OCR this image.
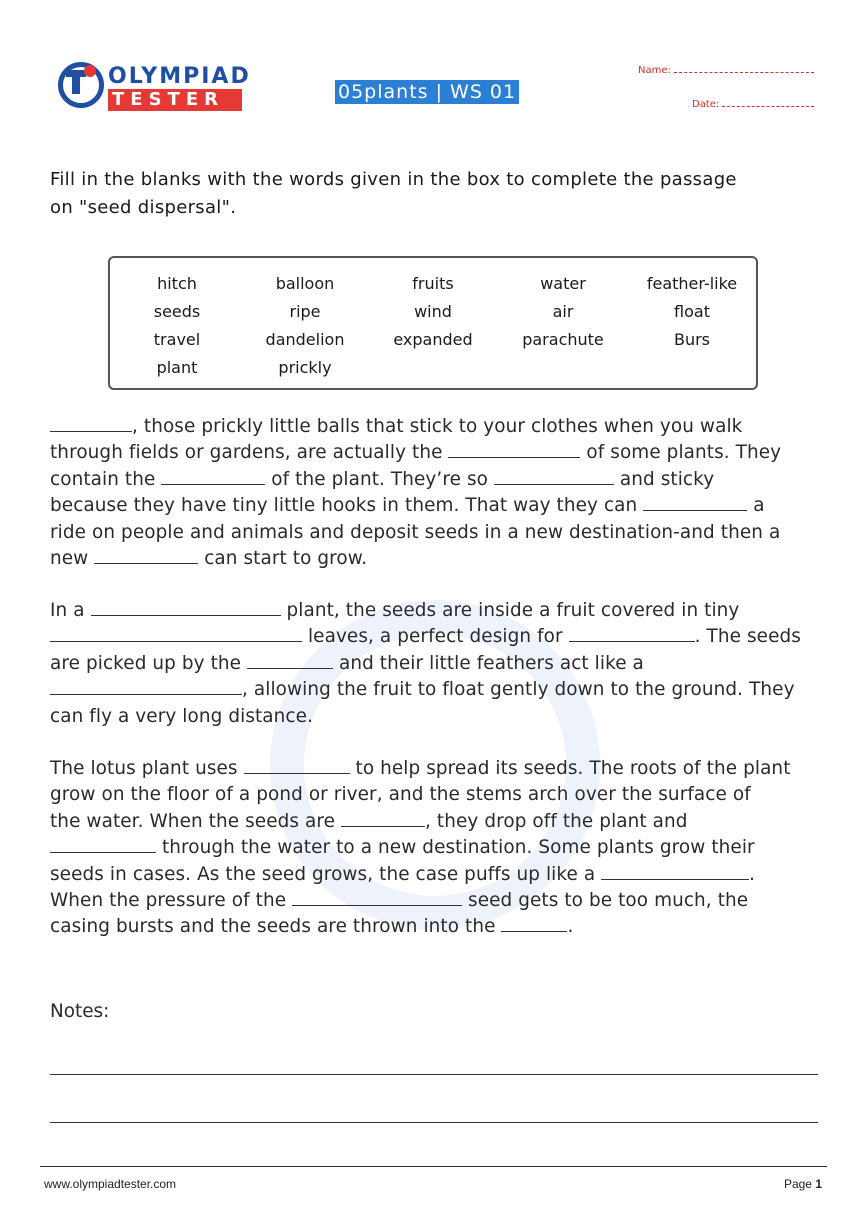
OLYMPIAD
TESTER	05plants | WS 01
Name:
Date:
Fill in the blanks with the words given in the box to complete the passage
on "seed dispersal".
hitch	balloon	fruits	water	feather-like
seeds	ripe	wind	air	float
travel	dandelion	expanded	parachute	Burs
plant	prickly
, those prickly little balls that stick to your clothes when you walk
through fields or gardens, are actually the	of some plants. They
contain the	of the plant. They’re so	and sticky
because they have tiny little hooks in them. That way they can	a
ride on people and animals and deposit seeds in a new destination-and then a
new	can start to grow.
In a	plant, the seeds are inside a fruit covered in tiny
leaves, a perfect design for	. The seeds
are picked up by the	and their little feathers act like a
, allowing the fruit to float gently down to the ground. They
can fly a very long distance.
The lotus plant uses	to help spread its seeds. The roots of the plant
grow on the floor of a pond or river, and the stems arch over the surface of
the water. When the seeds are	, they drop off the plant and
through the water to a new destination. Some plants grow their
seeds in cases. As the seed grows, the case puffs up like a	.
When the pressure of the	seed gets to be too much, the
casing bursts and the seeds are thrown into the	.
Notes:
www.olympiadtester.com	Page 1
